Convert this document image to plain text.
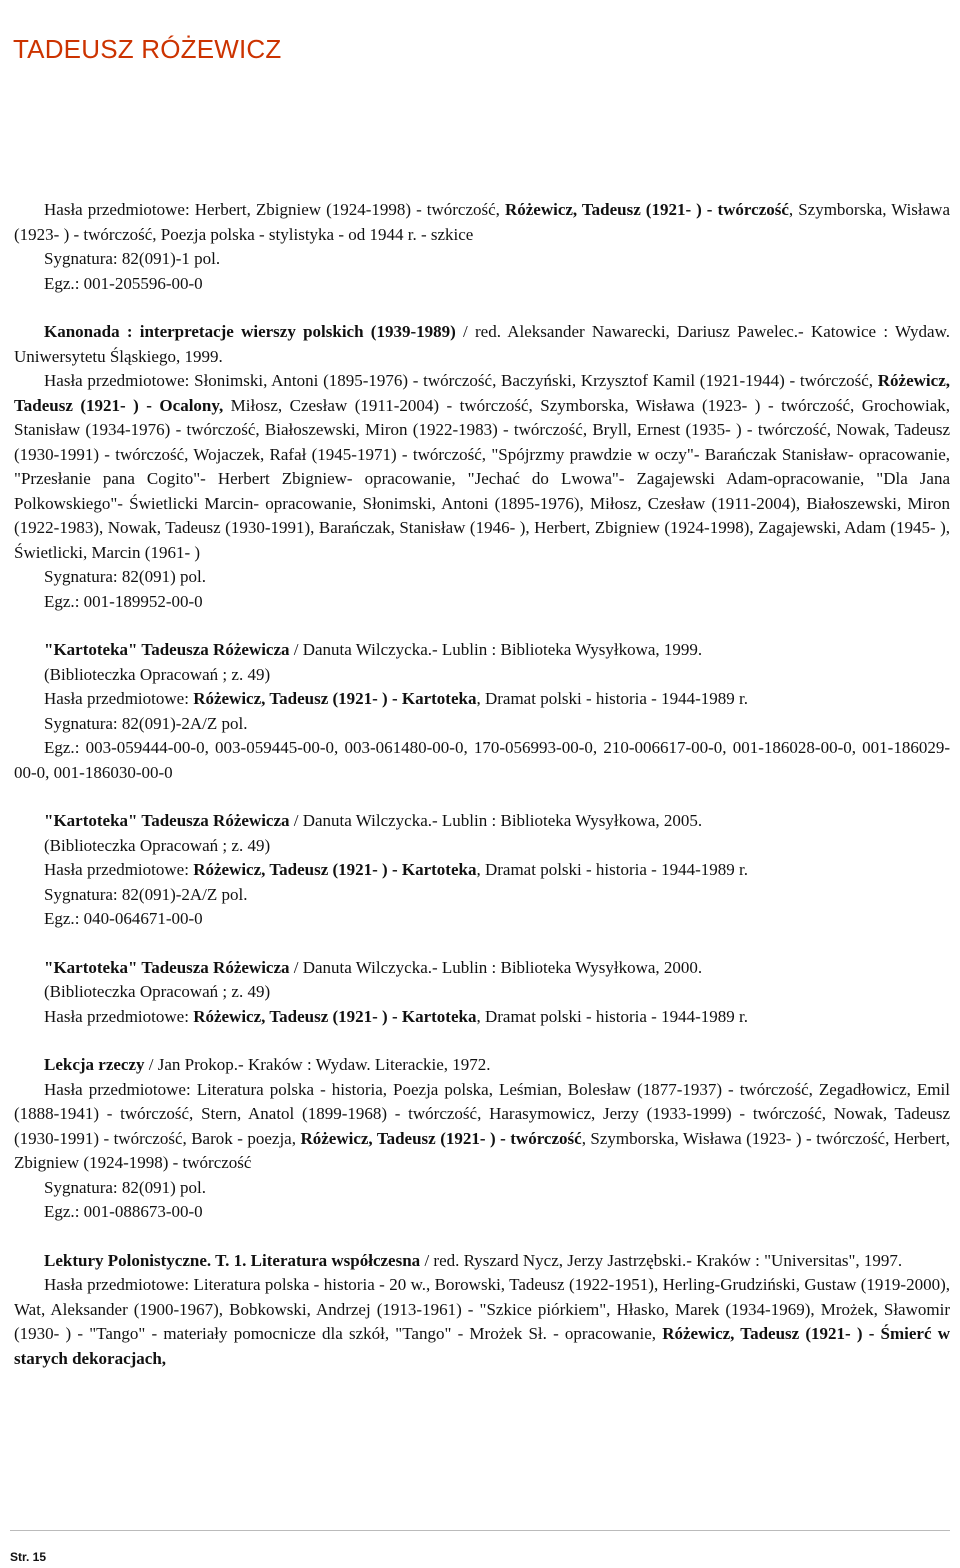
TADEUSZ RÓŻEWICZ

Hasła przedmiotowe: Herbert, Zbigniew (1924-1998) - twórczość, Różewicz, Tadeusz (1921- ) - twórczość, Szymborska, Wisława (1923- ) - twórczość, Poezja polska - stylistyka - od 1944 r. - szkice

Sygnatura: 82(091)-1 pol.

Egz.: 001-205596-00-0

Kanonada : interpretacje wierszy polskich (1939-1989) / red. Aleksander Nawarecki, Dariusz Pawelec.- Katowice : Wydaw. Uniwersytetu Śląskiego, 1999.

Hasła przedmiotowe: Słonimski, Antoni (1895-1976) - twórczość, Baczyński, Krzysztof Kamil (1921-1944) - twórczość, Różewicz, Tadeusz (1921- ) - Ocalony, Miłosz, Czesław (1911-2004) - twórczość, Szymborska, Wisława (1923- ) - twórczość, Grochowiak, Stanisław (1934-1976) - twórczość, Białoszewski, Miron (1922-1983) - twórczość, Bryll, Ernest (1935- ) - twórczość, Nowak, Tadeusz (1930-1991) - twórczość, Wojaczek, Rafał (1945-1971) - twórczość, "Spójrzmy prawdzie w oczy"- Barańczak Stanisław- opracowanie, "Przesłanie pana Cogito"- Herbert Zbigniew- opracowanie, "Jechać do Lwowa"- Zagajewski Adam-opracowanie, "Dla Jana Polkowskiego"- Świetlicki Marcin- opracowanie, Słonimski, Antoni (1895-1976), Miłosz, Czesław (1911-2004), Białoszewski, Miron (1922-1983), Nowak, Tadeusz (1930-1991), Barańczak, Stanisław (1946- ), Herbert, Zbigniew (1924-1998), Zagajewski, Adam (1945- ), Świetlicki, Marcin (1961- )

Sygnatura: 82(091) pol.

Egz.: 001-189952-00-0

"Kartoteka" Tadeusza Różewicza / Danuta Wilczycka.- Lublin : Biblioteka Wysyłkowa, 1999.

(Biblioteczka Opracowań ; z. 49)

Hasła przedmiotowe: Różewicz, Tadeusz (1921- ) - Kartoteka, Dramat polski - historia - 1944-1989 r.

Sygnatura: 82(091)-2A/Z pol.

Egz.: 003-059444-00-0, 003-059445-00-0, 003-061480-00-0, 170-056993-00-0, 210-006617-00-0, 001-186028-00-0, 001-186029-00-0, 001-186030-00-0

"Kartoteka" Tadeusza Różewicza / Danuta Wilczycka.- Lublin : Biblioteka Wysyłkowa, 2005.

(Biblioteczka Opracowań ; z. 49)

Hasła przedmiotowe: Różewicz, Tadeusz (1921- ) - Kartoteka, Dramat polski - historia - 1944-1989 r.

Sygnatura: 82(091)-2A/Z pol.

Egz.: 040-064671-00-0

"Kartoteka" Tadeusza Różewicza / Danuta Wilczycka.- Lublin : Biblioteka Wysyłkowa, 2000.

(Biblioteczka Opracowań ; z. 49)

Hasła przedmiotowe: Różewicz, Tadeusz (1921- ) - Kartoteka, Dramat polski - historia - 1944-1989 r.

Lekcja rzeczy / Jan Prokop.- Kraków : Wydaw. Literackie, 1972.

Hasła przedmiotowe: Literatura polska - historia, Poezja polska, Leśmian, Bolesław (1877-1937) - twórczość, Zegadłowicz, Emil (1888-1941) - twórczość, Stern, Anatol (1899-1968) - twórczość, Harasymowicz, Jerzy (1933-1999) - twórczość, Nowak, Tadeusz (1930-1991) - twórczość, Barok - poezja, Różewicz, Tadeusz (1921- ) - twórczość, Szymborska, Wisława (1923- ) - twórczość, Herbert, Zbigniew (1924-1998) - twórczość

Sygnatura: 82(091) pol.

Egz.: 001-088673-00-0

Lektury Polonistyczne. T. 1. Literatura współczesna / red. Ryszard Nycz, Jerzy Jastrzębski.- Kraków : "Universitas", 1997.

Hasła przedmiotowe: Literatura polska - historia - 20 w., Borowski, Tadeusz (1922-1951), Herling-Grudziński, Gustaw (1919-2000), Wat, Aleksander (1900-1967), Bobkowski, Andrzej (1913-1961) - "Szkice piórkiem", Hłasko, Marek (1934-1969), Mrożek, Sławomir (1930- ) - "Tango" - materiały pomocnicze dla szkół, "Tango" - Mrożek Sł. - opracowanie, Różewicz, Tadeusz (1921- ) - Śmierć w starych dekoracjach,

Str. 15
